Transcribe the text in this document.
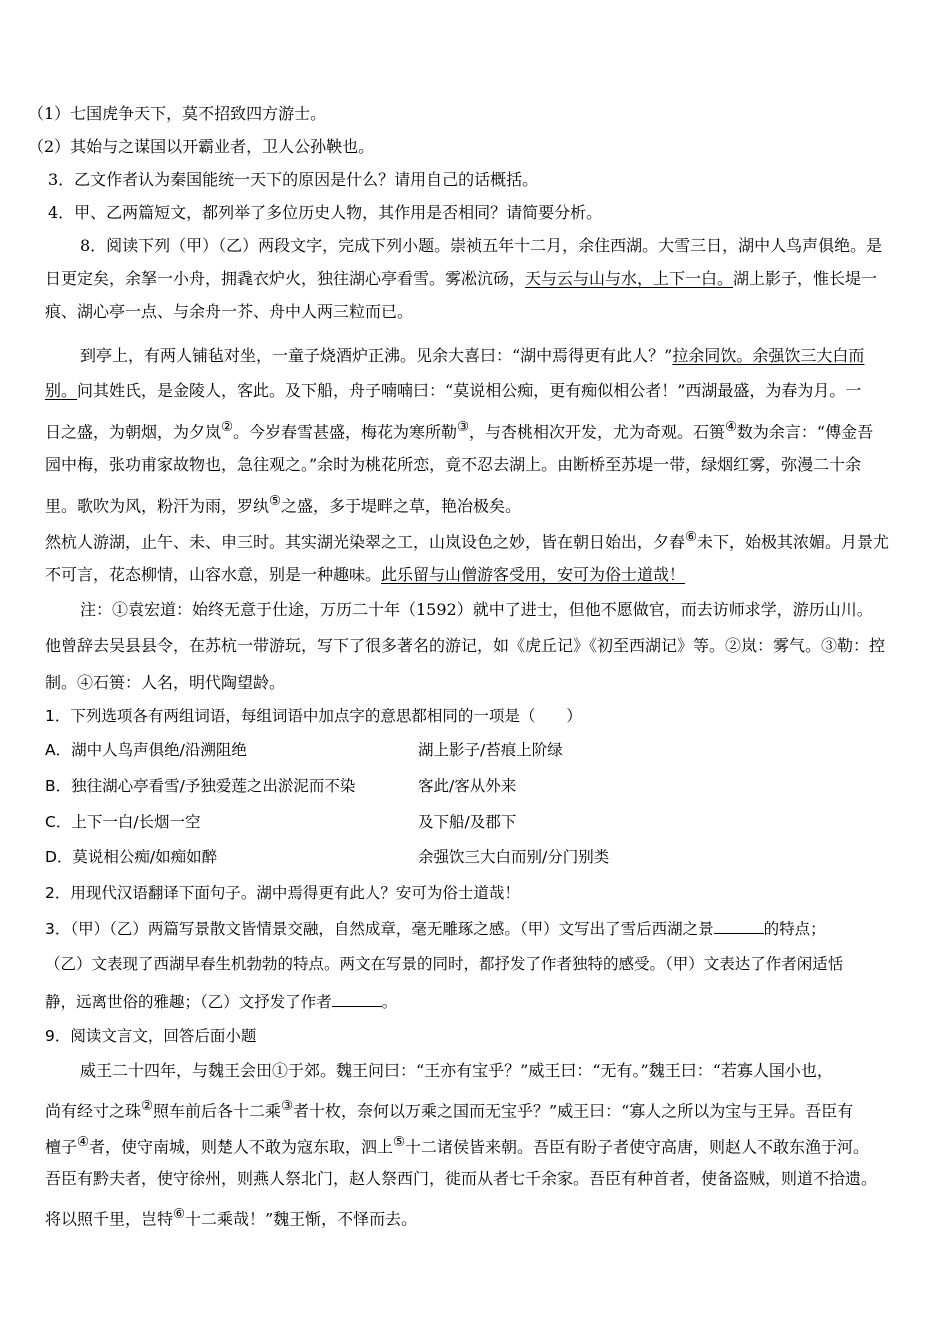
（1）七国虎争天下，莫不招致四方游士。
（2）其始与之谋国以开霸业者，卫人公孙鞅也。
3．乙文作者认为秦国能统一天下的原因是什么？请用自己的话概括。
4．甲、乙两篇短文，都列举了多位历史人物，其作用是否相同？请简要分析。
8．阅读下列（甲）（乙）两段文字，完成下列小题。崇祯五年十二月，余住西湖。大雪三日，湖中人鸟声俱绝。是
日更定矣，余拏一小舟，拥毳衣炉火，独往湖心亭看雪。雾凇沆砀，天与云与山与水，上下一白。湖上影子，惟长堤一
痕、湖心亭一点、与余舟一芥、舟中人两三粒而已。
到亭上，有两人铺毡对坐，一童子烧酒炉正沸。见余大喜曰：“湖中焉得更有此人？”拉余同饮。余强饮三大白而
别。问其姓氏，是金陵人，客此。及下船，舟子喃喃曰：“莫说相公痴，更有痴似相公者！”西湖最盛，为春为月。一
日之盛，为朝烟，为夕岚②。今岁春雪甚盛，梅花为寒所勒③，与杏桃相次开发，尤为奇观。石篑④数为余言：“傅金吾
园中梅，张功甫家故物也，急往观之。”余时为桃花所恋，竟不忍去湖上。由断桥至苏堤一带，绿烟红雾，弥漫二十余
里。歌吹为风，粉汗为雨，罗纨⑤之盛，多于堤畔之草，艳冶极矣。
然杭人游湖，止午、未、申三时。其实湖光染翠之工，山岚设色之妙，皆在朝日始出，夕舂⑥未下，始极其浓媚。月景尤
不可言，花态柳情，山容水意，别是一种趣味。此乐留与山僧游客受用，安可为俗士道哉！
注：①袁宏道：始终无意于仕途，万历二十年（1592）就中了进士，但他不愿做官，而去访师求学，游历山川。
他曾辞去吴县县令，在苏杭一带游玩，写下了很多著名的游记，如《虎丘记》《初至西湖记》等。②岚：雾气。③勒：控
制。④石篑：人名，明代陶望龄。
1．下列选项各有两组词语，每组词语中加点字的意思都相同的一项是（　　）
A．湖中人鸟声俱绝/沿溯阻绝	湖上影子/苔痕上阶绿
B．独往湖心亭看雪/予独爱莲之出淤泥而不染	客此/客从外来
C．上下一白/长烟一空	及下船/及郡下
D．莫说相公痴/如痴如醉	余强饮三大白而别/分门别类
2．用现代汉语翻译下面句子。湖中焉得更有此人？安可为俗士道哉！
3．（甲）（乙）两篇写景散文皆情景交融，自然成章，毫无雕琢之感。（甲）文写出了雪后西湖之景	的特点；
（乙）文表现了西湖早春生机勃勃的特点。两文在写景的同时，都抒发了作者独特的感受。（甲）文表达了作者闲适恬
静，远离世俗的雅趣；（乙）文抒发了作者	。
9．阅读文言文，回答后面小题
威王二十四年，与魏王会田①于郊。魏王问曰：“王亦有宝乎？”威王曰：“无有。”魏王曰：“若寡人国小也，
尚有经寸之珠②照车前后各十二乘③者十枚，奈何以万乘之国而无宝乎？”威王曰：“寡人之所以为宝与王异。吾臣有
檀子④者，使守南城，则楚人不敢为寇东取，泗上⑤十二诸侯皆来朝。吾臣有盼子者使守高唐，则赵人不敢东渔于河。
吾臣有黔夫者，使守徐州，则燕人祭北门，赵人祭西门，徙而从者七千余家。吾臣有种首者，使备盗贼，则道不拾遗。
将以照千里，岂特⑥十二乘哉！”魏王惭，不怿而去。
